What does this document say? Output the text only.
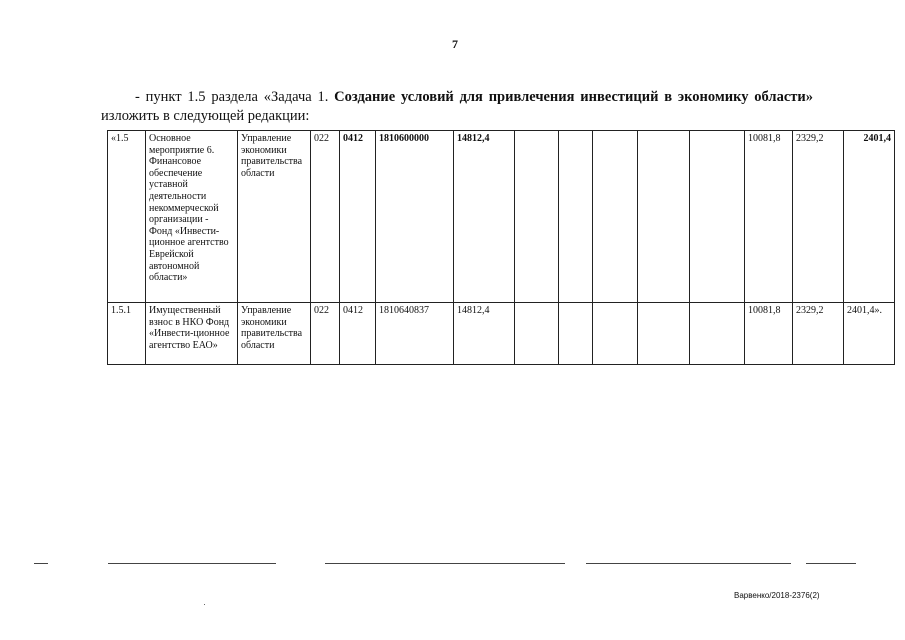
7
- пункт 1.5 раздела «Задача 1. Создание условий для привлечения инвестиций в экономику области»
изложить в следующей редакции:
«1.5	Основное мероприятие 6. Финансовое обеспечение уставной деятельности некоммерческой организации - Фонд «Инвести-ционное агентство Еврейской автономной области»	Управление экономики правительства области	022	0412	1810600000	14812,4						10081,8	2329,2	2401,4
1.5.1	Имущественный взнос в НКО Фонд «Инвести-ционное агентство ЕАО»	Управление экономики правительства области	022	0412	1810640837	14812,4						10081,8	2329,2	2401,4».
Варвенко/2018-2376(2)
